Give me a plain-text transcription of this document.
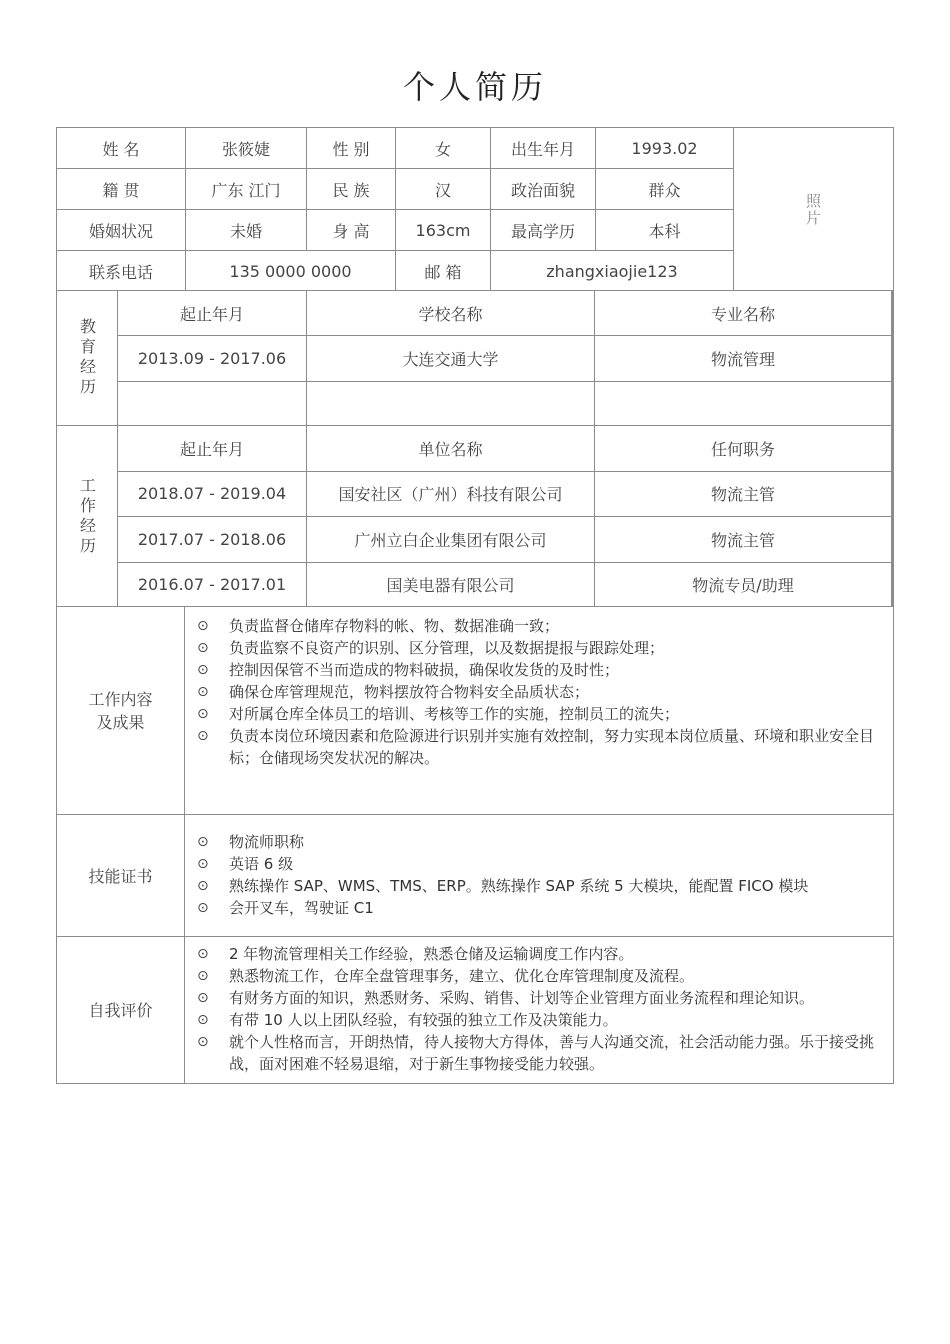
个人简历
姓 名	张筱婕	性 别	女	出生年月	1993.02
籍 贯	广东 江门	民 族	汉	政治面貌	群众
婚姻状况	未婚	身 高	163cm	最高学历	本科
联系电话	135 0000 0000	邮 箱	zhangxiaojie123
照片
教育经历
起止年月	学校名称	专业名称
2013.09 - 2017.06	大连交通大学	物流管理
工作经历
起止年月	单位名称	任何职务
2018.07 - 2019.04	国安社区（广州）科技有限公司	物流主管
2017.07 - 2018.06	广州立白企业集团有限公司	物流主管
2016.07 - 2017.01	国美电器有限公司	物流专员/助理
工作内容
及成果
⊙	负责监督仓储库存物料的帐、物、数据准确一致；
⊙	负责监察不良资产的识别、区分管理，以及数据提报与跟踪处理；
⊙	控制因保管不当而造成的物料破损，确保收发货的及时性；
⊙	确保仓库管理规范，物料摆放符合物料安全品质状态；
⊙	对所属仓库全体员工的培训、考核等工作的实施，控制员工的流失；
⊙	负责本岗位环境因素和危险源进行识别并实施有效控制，努力实现本岗位质量、环境和职业安全目标；仓储现场突发状况的解决。
技能证书
⊙	物流师职称
⊙	英语 6 级
⊙	熟练操作 SAP、WMS、TMS、ERP。熟练操作 SAP 系统 5 大模块，能配置 FICO 模块
⊙	会开叉车，驾驶证 C1
自我评价
⊙	2 年物流管理相关工作经验，熟悉仓储及运输调度工作内容。
⊙	熟悉物流工作，仓库全盘管理事务，建立、优化仓库管理制度及流程。
⊙	有财务方面的知识，熟悉财务、采购、销售、计划等企业管理方面业务流程和理论知识。
⊙	有带 10 人以上团队经验，有较强的独立工作及决策能力。
⊙	就个人性格而言，开朗热情，待人接物大方得体，善与人沟通交流，社会活动能力强。乐于接受挑战，面对困难不轻易退缩，对于新生事物接受能力较强。
